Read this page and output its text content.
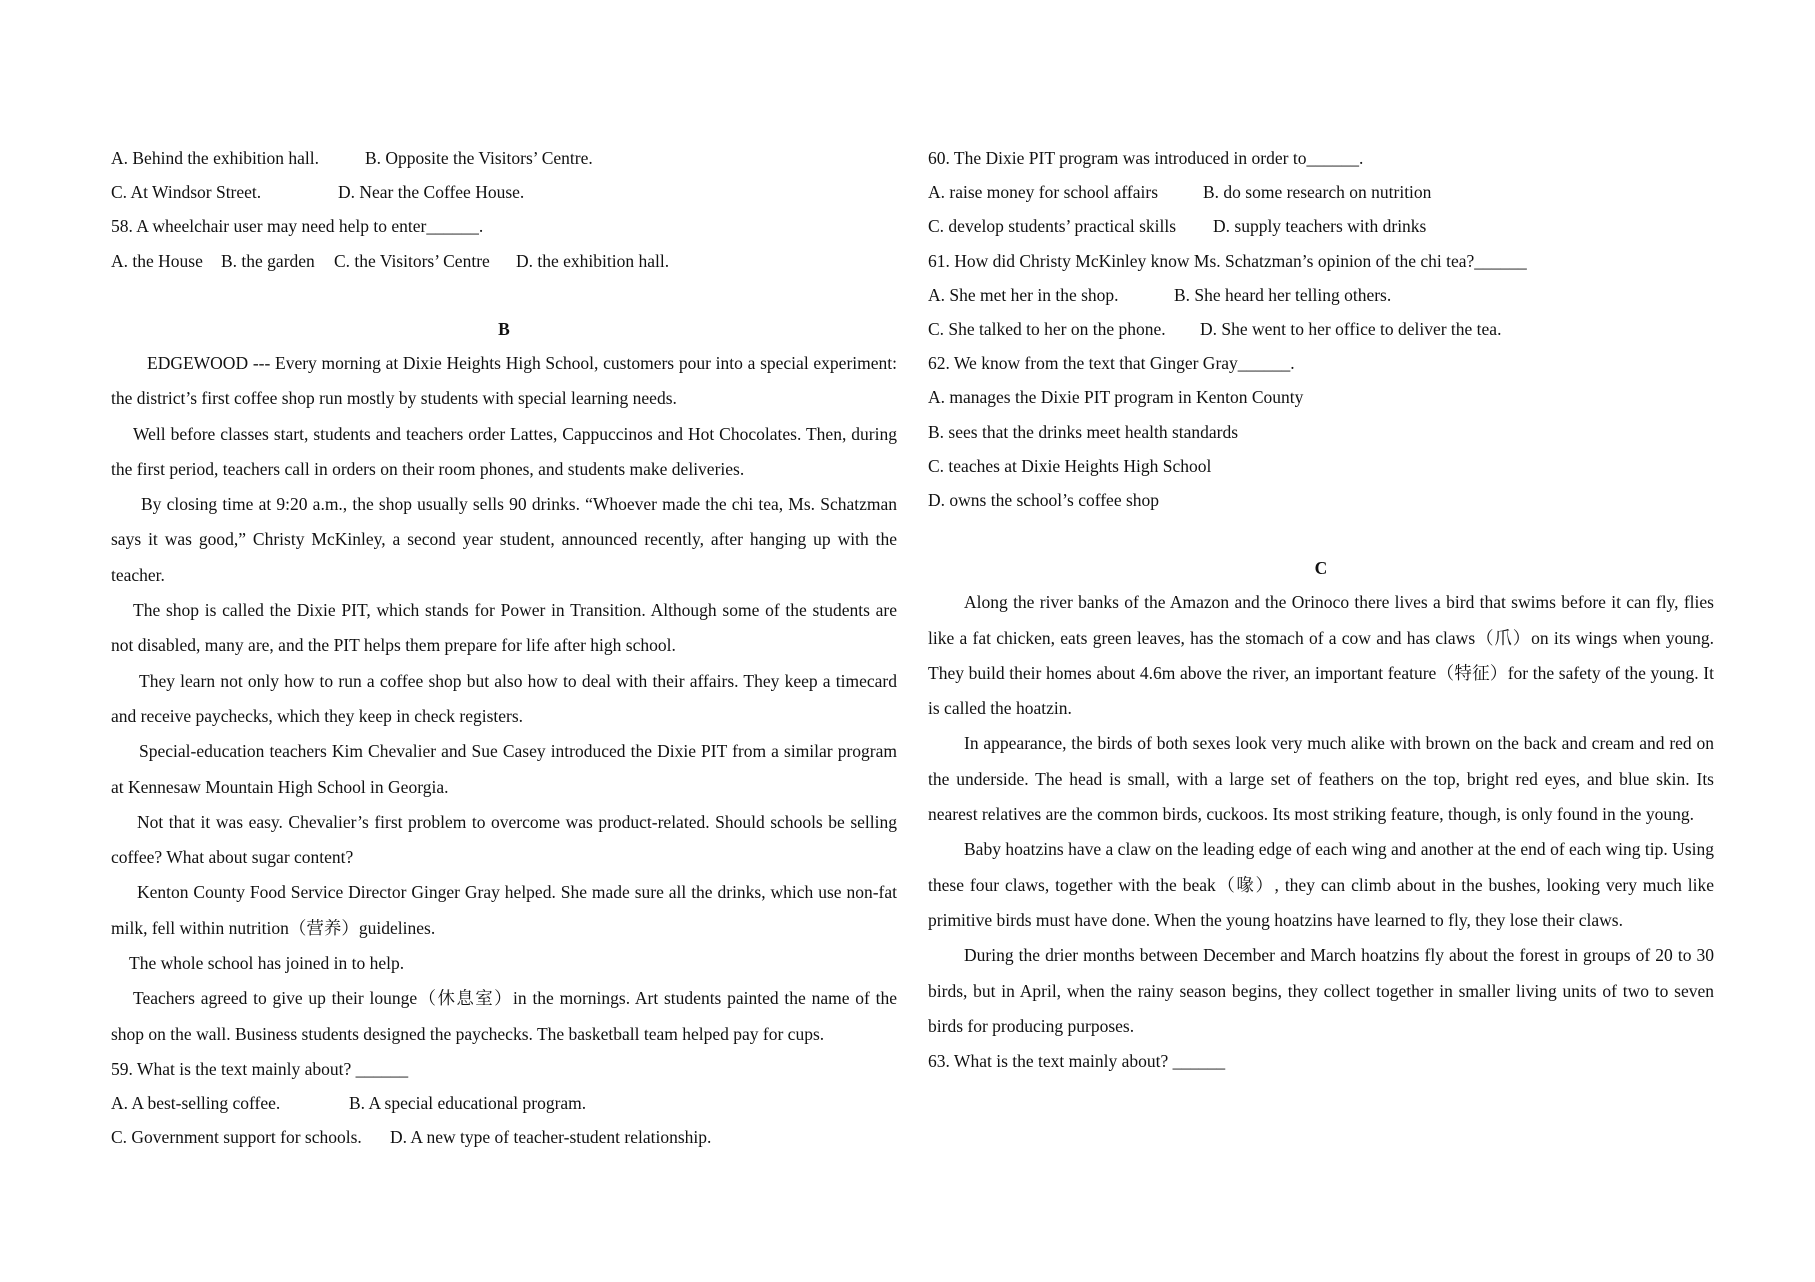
A. Behind the exhibition hall.	B. Opposite the Visitors’ Centre.
C. At Windsor Street.	D. Near the Coffee House.
58. A wheelchair user may need help to enter______.
A. the House B. the garden C. the Visitors’ Centre D. the exhibition hall.
B

EDGEWOOD --- Every morning at Dixie Heights High School, customers pour into a special experiment: the district’s first coffee shop run mostly by students with special learning needs.

Well before classes start, students and teachers order Lattes, Cappuccinos and Hot Chocolates. Then, during the first period, teachers call in orders on their room phones, and students make deliveries.

By closing time at 9:20 a.m., the shop usually sells 90 drinks. “Whoever made the chi tea, Ms. Schatzman says it was good,” Christy McKinley, a second year student, announced recently, after hanging up with the teacher.

The shop is called the Dixie PIT, which stands for Power in Transition. Although some of the students are not disabled, many are, and the PIT helps them prepare for life after high school.

They learn not only how to run a coffee shop but also how to deal with their affairs. They keep a timecard and receive paychecks, which they keep in check registers.

Special-education teachers Kim Chevalier and Sue Casey introduced the Dixie PIT from a similar program at Kennesaw Mountain High School in Georgia.

Not that it was easy. Chevalier’s first problem to overcome was product-related. Should schools be selling coffee? What about sugar content?

Kenton County Food Service Director Ginger Gray helped. She made sure all the drinks, which use non-fat milk, fell within nutrition（营养）guidelines.

The whole school has joined in to help.

Teachers agreed to give up their lounge（休息室）in the mornings. Art students painted the name of the shop on the wall. Business students designed the paychecks. The basketball team helped pay for cups.

59. What is the text mainly about? ______
A. A best-selling coffee.	B. A special educational program.
C. Government support for schools. D. A new type of teacher-student relationship.
60. The Dixie PIT program was introduced in order to______.
A. raise money for school affairs	B. do some research on nutrition
C. develop students’ practical skills D. supply teachers with drinks
61. How did Christy McKinley know Ms. Schatzman’s opinion of the chi tea?______
A. She met her in the shop.	B. She heard her telling others.
C. She talked to her on the phone. D. She went to her office to deliver the tea.
62. We know from the text that Ginger Gray______.
A. manages the Dixie PIT program in Kenton County
B. sees that the drinks meet health standards
C. teaches at Dixie Heights High School
D. owns the school’s coffee shop
C

Along the river banks of the Amazon and the Orinoco there lives a bird that swims before it can fly, flies like a fat chicken, eats green leaves, has the stomach of a cow and has claws（爪）on its wings when young. They build their homes about 4.6m above the river, an important feature（特征）for the safety of the young. It is called the hoatzin.

In appearance, the birds of both sexes look very much alike with brown on the back and cream and red on the underside. The head is small, with a large set of feathers on the top, bright red eyes, and blue skin. Its nearest relatives are the common birds, cuckoos. Its most striking feature, though, is only found in the young.

Baby hoatzins have a claw on the leading edge of each wing and another at the end of each wing tip. Using these four claws, together with the beak（喙）, they can climb about in the bushes, looking very much like primitive birds must have done. When the young hoatzins have learned to fly, they lose their claws.

During the drier months between December and March hoatzins fly about the forest in groups of 20 to 30 birds, but in April, when the rainy season begins, they collect together in smaller living units of two to seven birds for producing purposes.

63. What is the text mainly about? ______
